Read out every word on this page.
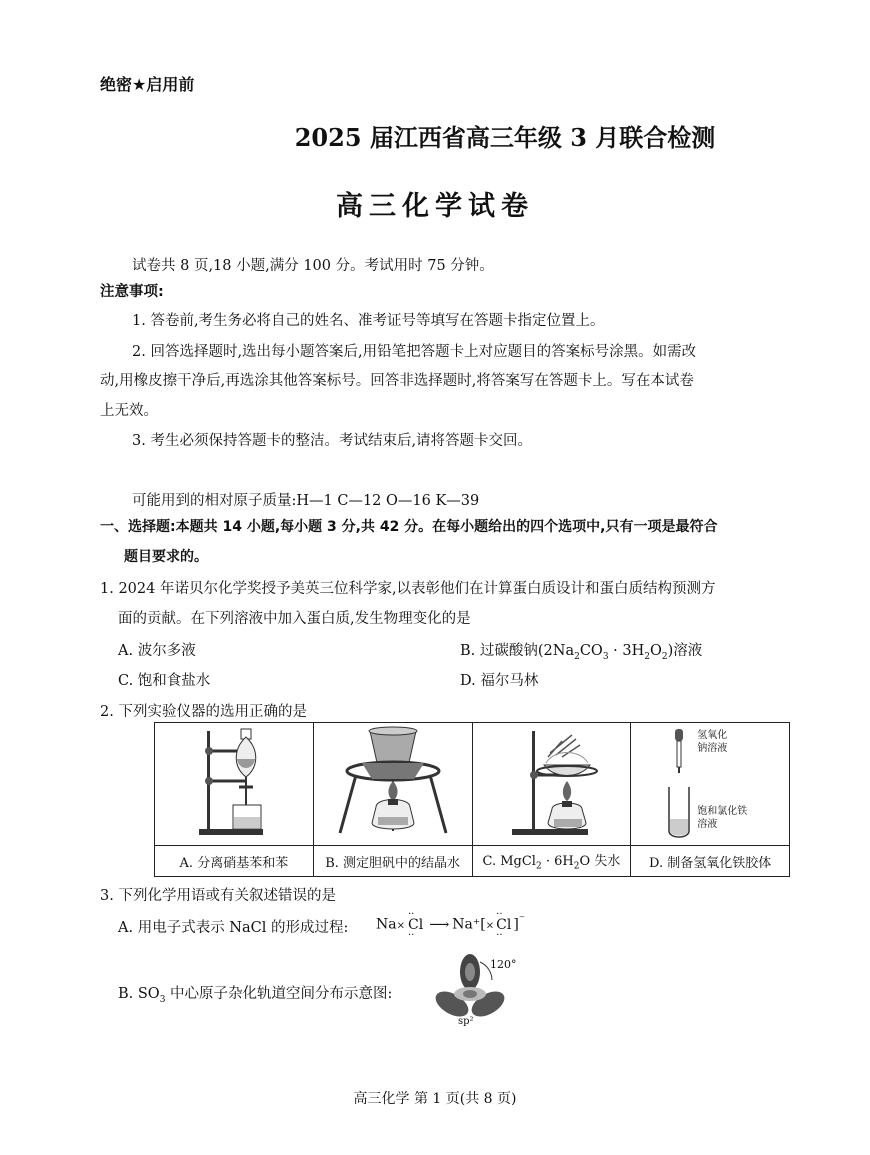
绝密★启用前
2025 届江西省高三年级 3 月联合检测
高三化学试卷
试卷共 8 页,18 小题,满分 100 分。考试用时 75 分钟。
注意事项:
1. 答卷前,考生务必将自己的姓名、准考证号等填写在答题卡指定位置上。
2. 回答选择题时,选出每小题答案后,用铅笔把答题卡上对应题目的答案标号涂黑。如需改
动,用橡皮擦干净后,再选涂其他答案标号。回答非选择题时,将答案写在答题卡上。写在本试卷
上无效。
3. 考生必须保持答题卡的整洁。考试结束后,请将答题卡交回。
可能用到的相对原子质量:H—1 C—12 O—16 K—39
一、选择题:本题共 14 小题,每小题 3 分,共 42 分。在每小题给出的四个选项中,只有一项是最符合
题目要求的。
1. 2024 年诺贝尔化学奖授予美英三位科学家,以表彰他们在计算蛋白质设计和蛋白质结构预测方
面的贡献。在下列溶液中加入蛋白质,发生物理变化的是
A. 波尔多液	B. 过碳酸钠$(2Na_2CO_3 \cdot 3H_2O_2)$溶液
C. 饱和食盐水	D. 福尔马林
2. 下列实验仪器的选用正确的是

氢氧化
钠溶液
饱和氯化铁
溶液

A. 分离硝基苯和苯	B. 测定胆矾中的结晶水	C. MgCl$_2$ · $6H_2O$ 失水	D. 制备氢氧化铁胶体
3. 下列化学用语或有关叙述错误的是
A. 用电子式表示 NaCl 的形成过程: Na×
··
Cl
··
⟶ Na⁺[×
··
Cl
··
]⁻
B. $SO_3$ 中心原子杂化轨道空间分布示意图:
120°
sp²
高三化学 第 1 页(共 8 页)
